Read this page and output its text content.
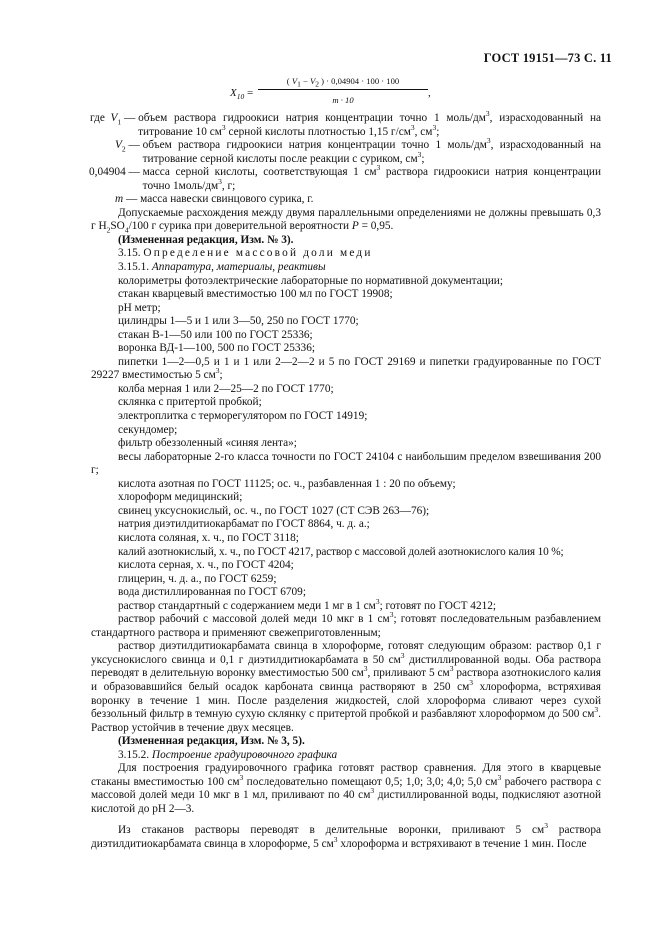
ГОСТ 19151—73 С. 11
$X_{10} = \frac{( V_1 - V_2 ) \cdot 0,04904 \cdot 100 \cdot 100}{m \cdot 10}$ ,
где $V_1$ — объем раствора гидроокиси натрия концентрации точно 1 моль/$дм^3$, израсходованный на титрование 10 $см^3$ серной кислоты плотностью 1,15 $г/см^3$, $см^3$;
$V_2$ — объем раствора гидроокиси натрия концентрации точно 1 моль/$дм^3$, израсходованный на титрование серной кислоты после реакции с суриком, $см^3$;
0,04904 — масса серной кислоты, соответствующая 1 $см^3$ раствора гидроокиси натрия концентрации точно $1моль/дм^3$, г;
m — масса навески свинцового сурика, г.

Допускаемые расхождения между двумя параллельными определениями не должны превышать 0,3 г $H_2SO_4/100$ г сурика при доверительной вероятности P = 0,95.

(Измененная редакция, Изм. № 3).

3.15. Определение массовой доли меди

3.15.1. Аппаратура, материалы, реактивы

колориметры фотоэлектрические лабораторные по нормативной документации;

стакан кварцевый вместимостью 100 мл по ГОСТ 19908;

рН метр;

цилиндры 1—5 и 1 или 3—50, 250 по ГОСТ 1770;

стакан В-1—50 или 100 по ГОСТ 25336;

воронка ВД-1—100, 500 по ГОСТ 25336;

пипетки 1—2—0,5 и 1 и 1 или 2—2—2 и 5 по ГОСТ 29169 и пипетки градуированные по ГОСТ 29227 вместимостью 5 $см^3$;

колба мерная 1 или 2—25—2 по ГОСТ 1770;

склянка с притертой пробкой;

электроплитка с терморегулятором по ГОСТ 14919;

секундомер;

фильтр обеззоленный «синяя лента»;

весы лабораторные 2-го класса точности по ГОСТ 24104 с наибольшим пределом взвешивания 200 г;

кислота азотная по ГОСТ 11125; ос. ч., разбавленная 1 : 20 по объему;

хлороформ медицинский;

свинец уксуснокислый, ос. ч., по ГОСТ 1027 (СТ СЭВ 263—76);

натрия диэтилдитиокарбамат по ГОСТ 8864, ч. д. а.;

кислота соляная, х. ч., по ГОСТ 3118;

калий азотнокислый, х. ч., по ГОСТ 4217, раствор с массовой долей азотнокислого калия 10 %;

кислота серная, х. ч., по ГОСТ 4204;

глицерин, ч. д. а., по ГОСТ 6259;

вода дистиллированная по ГОСТ 6709;

раствор стандартный с содержанием меди 1 мг в 1 $см^3$; готовят по ГОСТ 4212;

раствор рабочий с массовой долей меди 10 мкг в 1 $см^3$; готовят последовательным разбавлением стандартного раствора и применяют свежеприготовленным;

раствор диэтилдитиокарбамата свинца в хлороформе, готовят следующим образом: раствор 0,1 г уксуснокислого свинца и 0,1 г диэтилдитиокарбамата в 50 $см^3$ дистиллированной воды. Оба раствора переводят в делительную воронку вместимостью 500 $см^3$, приливают 5 $см^3$ раствора азотнокислого калия и образовавшийся белый осадок карбоната свинца растворяют в 250 $см^3$ хлороформа, встряхивая воронку в течение 1 мин. После разделения жидкостей, слой хлороформа сливают через сухой беззольный фильтр в темную сухую склянку с притертой пробкой и разбавляют хлороформом до 500 $см^3$. Раствор устойчив в течение двух месяцев.

(Измененная редакция, Изм. № 3, 5).

3.15.2. Построение градуировочного графика

Для построения градуировочного графика готовят раствор сравнения. Для этого в кварцевые стаканы вместимостью 100 $см^3$ последовательно помещают 0,5; 1,0; 3,0; 4,0; 5,0 $см^3$ рабочего раствора с массовой долей меди 10 мкг в 1 мл, приливают по 40 $см^3$ дистиллированной воды, подкисляют азотной кислотой до рН 2—3.

Из стаканов растворы переводят в делительные воронки, приливают 5 $см^3$ раствора диэтилдитиокарбамата свинца в хлороформе, 5 $см^3$ хлороформа и встряхивают в течение 1 мин. После
